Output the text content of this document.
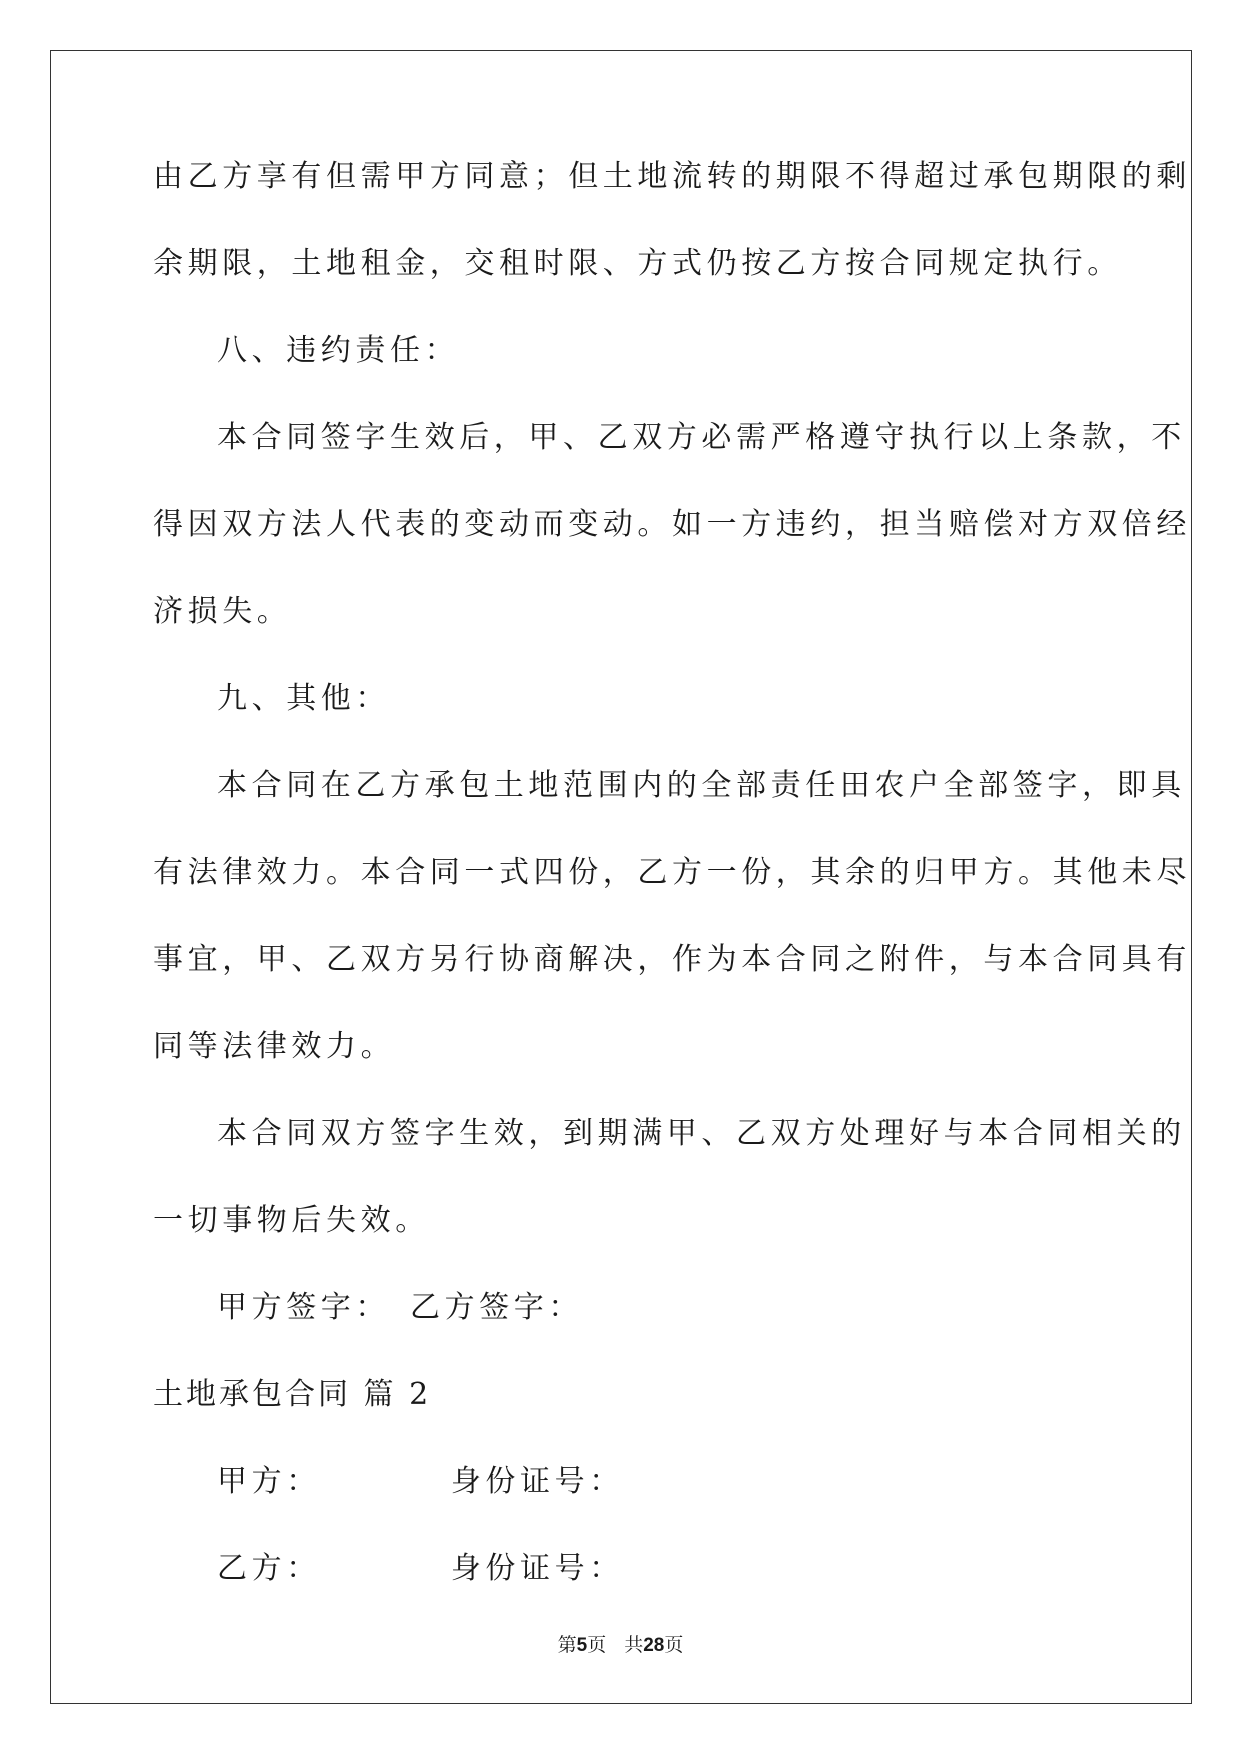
由乙方享有但需甲方同意；但土地流转的期限不得超过承包期限的剩
余期限，土地租金，交租时限、方式仍按乙方按合同规定执行。
八、违约责任：
本合同签字生效后，甲、乙双方必需严格遵守执行以上条款，不
得因双方法人代表的变动而变动。如一方违约，担当赔偿对方双倍经
济损失。
九、其他：
本合同在乙方承包土地范围内的全部责任田农户全部签字，即具
有法律效力。本合同一式四份，乙方一份，其余的归甲方。其他未尽
事宜，甲、乙双方另行协商解决，作为本合同之附件，与本合同具有
同等法律效力。
本合同双方签字生效，到期满甲、乙双方处理好与本合同相关的
一切事物后失效。
甲方签字： 乙方签字：
土地承包合同 篇 2
甲方：	身份证号：
乙方：	身份证号：
第5页 共28页
